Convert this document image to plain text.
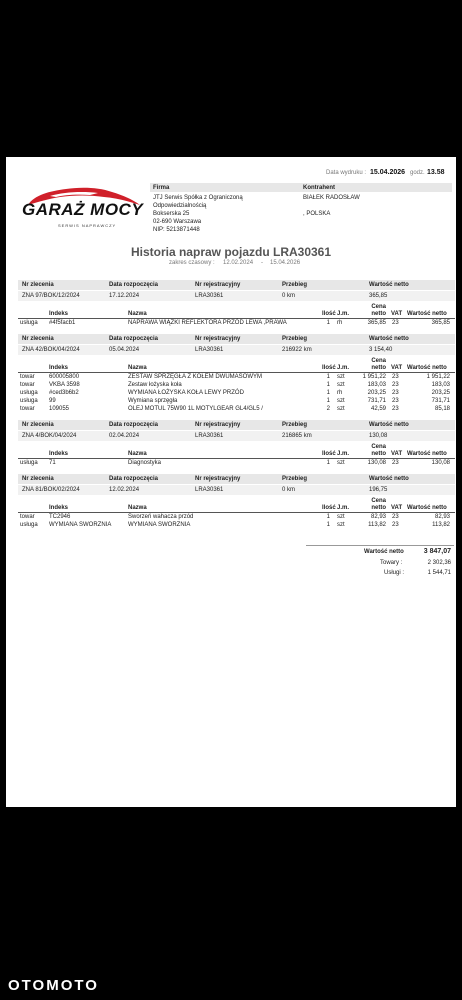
Data wydruku : 15.04.2026 godz. 13.58
GARAŻ MOCY
SERWIS NAPRAWCZY
Firma
JTJ Serwis Spółka z Ograniczoną
Odpowiedzialnością
Bokserska 25
02-690 Warszawa
NIP: 5213871448
Kontrahent
BIAŁEK RADOSŁAW
, POLSKA
Historia napraw pojazdu LRA30361
zakres czasowy : 12.02.2024 - 15.04.2026
Nr zlecenia	Data rozpoczęcia	Nr rejestracyjny	Przebieg	Wartość netto
ZNA 97/BOK/12/2024	17.12.2024	LRA30361	0 km	365,85
Indeks	Nazwa	Ilość J.m.
Cena netto VAT Wartość netto
usługa #4f5facb1	NAPRAWA WIĄZKI REFLEKTORA PRZÓD LEWA ,PRAWA	1 rh	365,85 23	365,85
Nr zlecenia	Data rozpoczęcia	Nr rejestracyjny	Przebieg	Wartość netto
ZNA 42/BOK/04/2024	05.04.2024	LRA30361	216922 km	3 154,40
Indeks	Nazwa	Ilość J.m.
Cena netto VAT Wartość netto
towar 600005800	ZESTAW SPRZĘGŁA Z KOŁEM DWUMASOWYM	1 szt	1 951,22 23	1 951,22
towar VKBA 3598	Zestaw łożyska koła	1 szt	183,03 23	183,03
usługa #ced3b6b2	WYMIANA ŁOŻYSKA KOŁA LEWY PRZÓD	1 rh	203,25 23	203,25
usługa 99	Wymiana sprzęgła	1 szt	731,71 23	731,71
towar 109055	OLEJ MOTUL 75W90 1L MOTYLGEAR GL4/GL5 /	2 szt	42,59 23	85,18
Nr zlecenia	Data rozpoczęcia	Nr rejestracyjny	Przebieg	Wartość netto
ZNA 4/BOK/04/2024	02.04.2024	LRA30361	216865 km	130,08
Indeks	Nazwa	Ilość J.m.
Cena netto VAT Wartość netto
usługa 71	Diagnostyka	1 szt	130,08 23	130,08
Nr zlecenia	Data rozpoczęcia	Nr rejestracyjny	Przebieg	Wartość netto
ZNA 81/BOK/02/2024	12.02.2024	LRA30361	0 km	196,75
Indeks	Nazwa	Ilość J.m.
Cena netto VAT Wartość netto
towar TC2946	Sworzeń wahacza przód	1 szt	82,93 23	82,93
usługa WYMIANA SWORZNIA	WYMIANA SWORZNIA	1 szt	113,82 23	113,82
Wartość netto	3 847,07
Towary :	2 302,36
Usługi :	1 544,71
OTOMOTO
